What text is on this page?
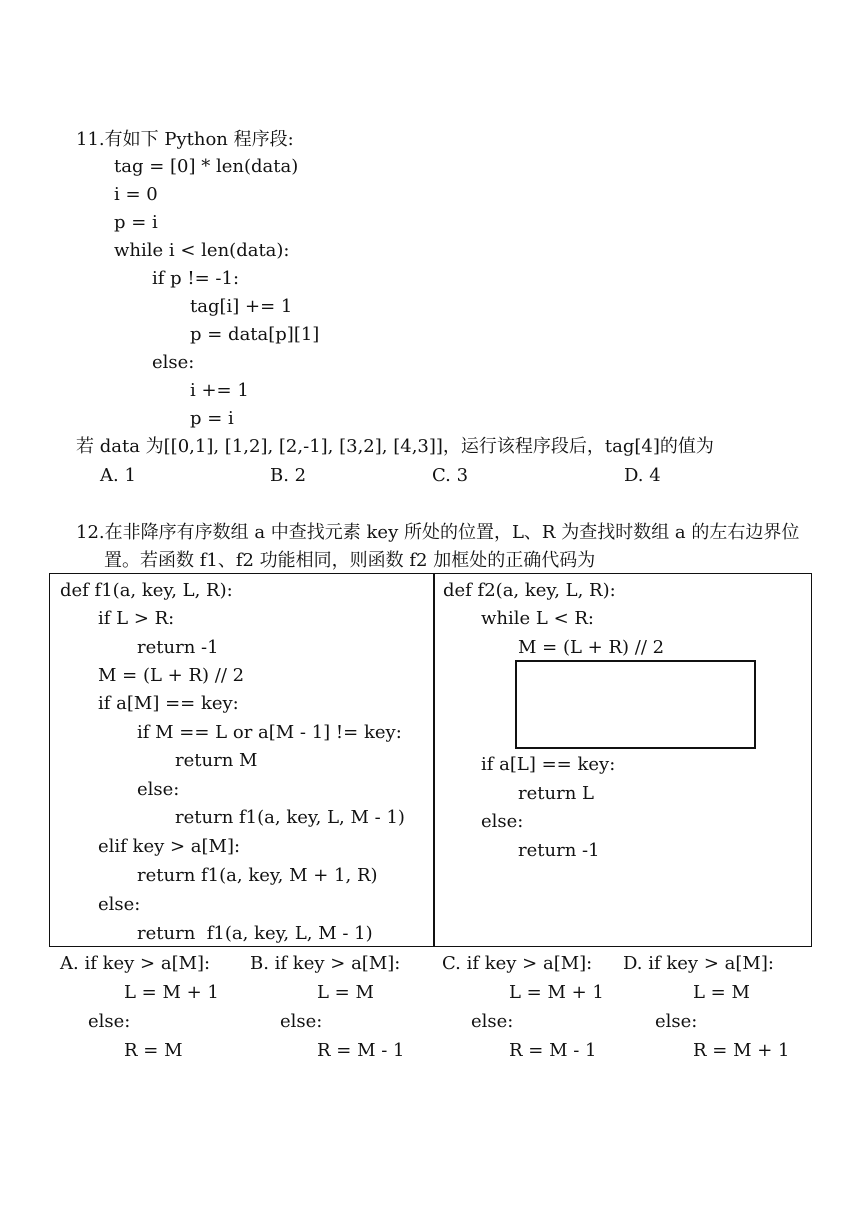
11.有如下 Python 程序段:
tag = [0] * len(data)
i = 0
p = i
while i < len(data):
if p != -1:
tag[i] += 1
p = data[p][1]
else:
i += 1
p = i
若 data 为[[0,1], [1,2], [2,-1], [3,2], [4,3]]，运行该程序段后，tag[4]的值为
A. 1	B. 2	C. 3	D. 4
12.在非降序有序数组 a 中查找元素 key 所处的位置，L、R 为查找时数组 a 的左右边界位
置。若函数 f1、f2 功能相同，则函数 f2 加框处的正确代码为
def f1(a, key, L, R):
if L > R:
return -1
M = (L + R) // 2
if a[M] == key:
if M == L or a[M - 1] != key:
return M
else:
return f1(a, key, L, M - 1)
elif key > a[M]:
return f1(a, key, M + 1, R)
else:
return  f1(a, key, L, M - 1)
def f2(a, key, L, R):
while L < R:
M = (L + R) // 2
if a[L] == key:
return L
else:
return -1
A. if key > a[M]:
L = M + 1
else:
R = M
B. if key > a[M]:
L = M
else:
R = M - 1
C. if key > a[M]:
L = M + 1
else:
R = M - 1
D. if key > a[M]:
L = M
else:
R = M + 1
